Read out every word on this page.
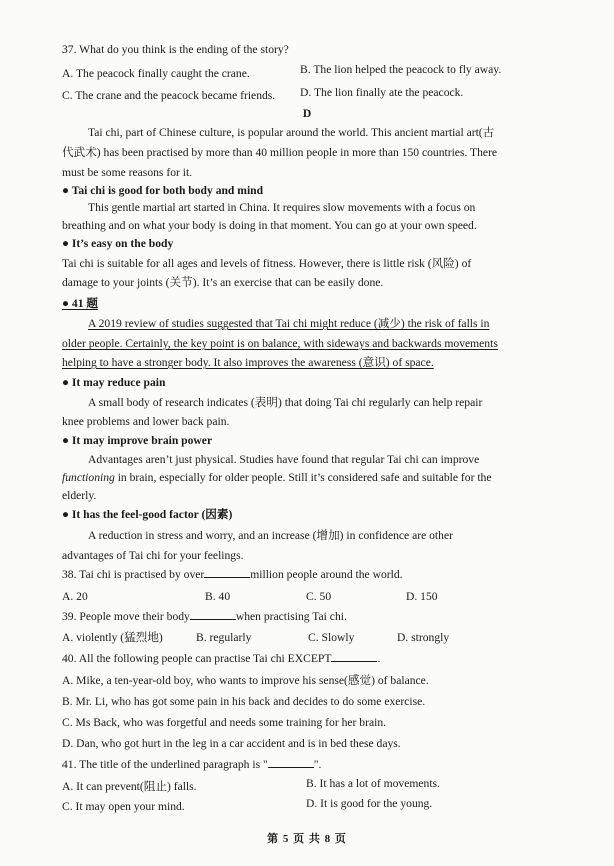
37. What do you think is the ending of the story?
A. The peacock finally caught the crane.	B. The lion helped the peacock to fly away.
C. The crane and the peacock became friends. D. The lion finally ate the peacock.
D
Tai chi, part of Chinese culture, is popular around the world. This ancient martial art(古
代武术) has been practised by more than 40 million people in more than 150 countries. There
must be some reasons for it.
● Tai chi is good for both body and mind
This gentle martial art started in China. It requires slow movements with a focus on
breathing and on what your body is doing in that moment. You can go at your own speed.
● It’s easy on the body
Tai chi is suitable for all ages and levels of fitness. However, there is little risk (风险) of
damage to your joints (关节). It’s an exercise that can be easily done.
● 41 题
A 2019 review of studies suggested that Tai chi might reduce (减少) the risk of falls in
older people. Certainly, the key point is on balance, with sideways and backwards movements
helping to have a stronger body. It also improves the awareness (意识) of space.
● It may reduce pain
A small body of research indicates (表明) that doing Tai chi regularly can help repair
knee problems and lower back pain.
● It may improve brain power
Advantages aren’t just physical. Studies have found that regular Tai chi can improve
functioning in brain, especially for older people. Still it’s considered safe and suitable for the
elderly.
● It has the feel-good factor (因素)
A reduction in stress and worry, and an increase (增加) in confidence are other
advantages of Tai chi for your feelings.
38. Tai chi is practised by over	million people around the world.
A. 20	B. 40	C. 50	D. 150
39. People move their body	when practising Tai chi.
A. violently (猛烈地)	B. regularly	C. Slowly	D. strongly
40. All the following people can practise Tai chi EXCEPT	.
A. Mike, a ten-year-old boy, who wants to improve his sense(感觉) of balance.
B. Mr. Li, who has got some pain in his back and decides to do some exercise.
C. Ms Back, who was forgetful and needs some training for her brain.
D. Dan, who got hurt in the leg in a car accident and is in bed these days.
41. The title of the underlined paragraph is "	".
A. It can prevent(阻止) falls.	B. It has a lot of movements.
C. It may open your mind.	D. It is good for the young.
第 5 页 共 8 页
